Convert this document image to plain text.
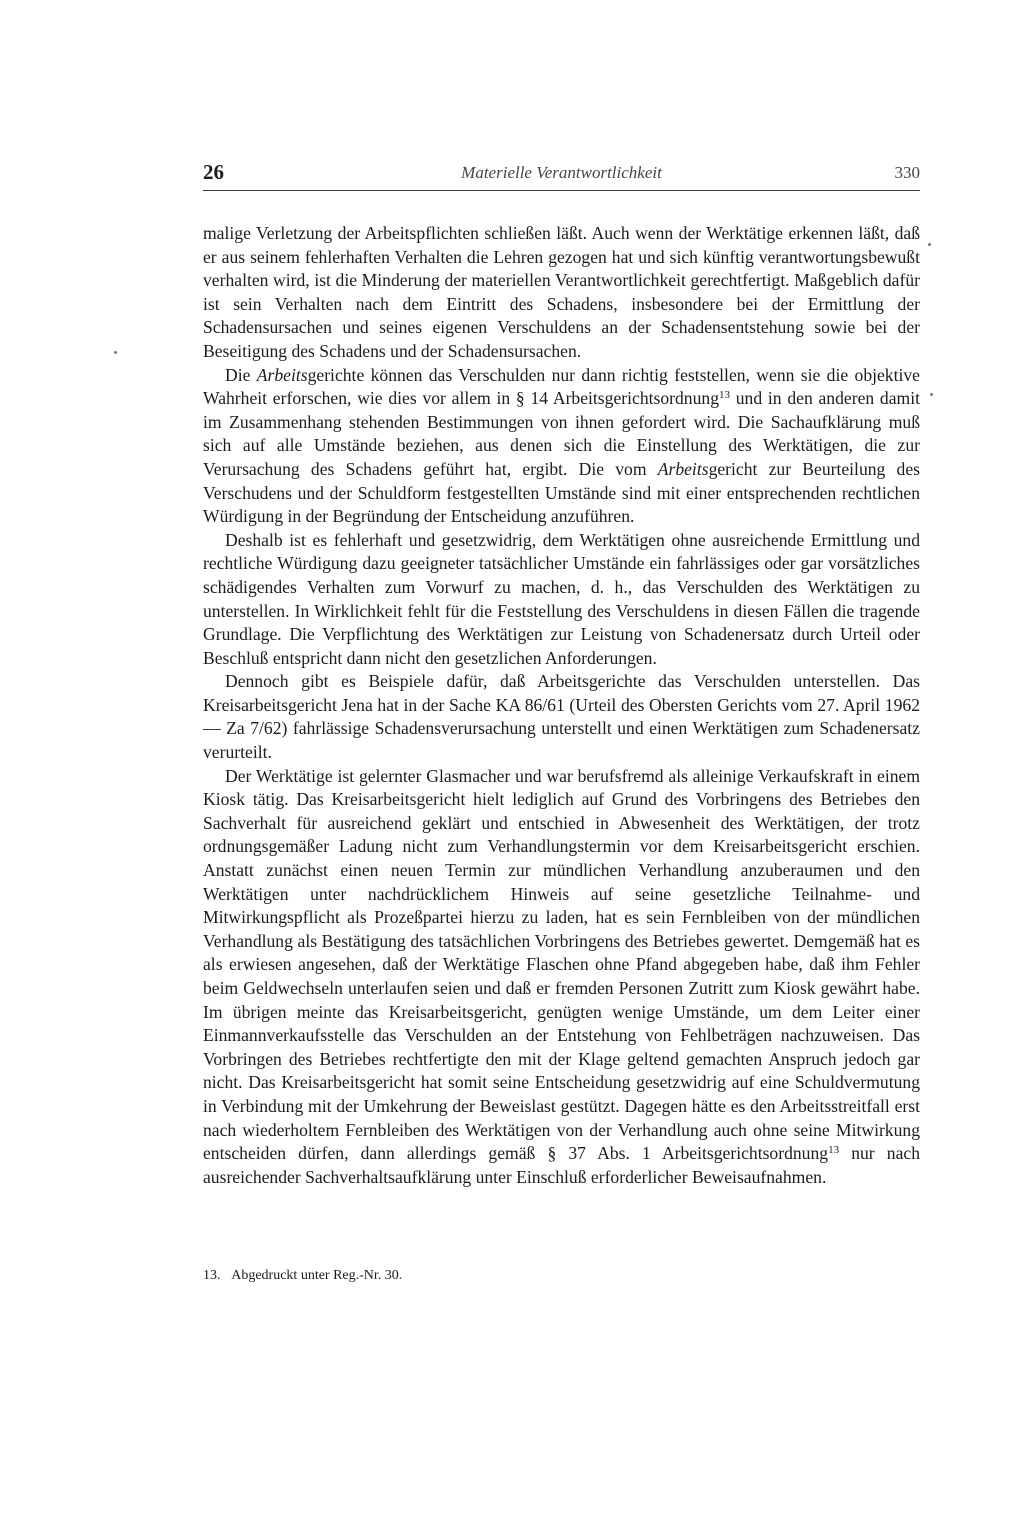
26	Materielle Verantwortlichkeit	330

malige Verletzung der Arbeitspflichten schließen läßt. Auch wenn der Werktätige erkennen läßt, daß er aus seinem fehlerhaften Verhalten die Lehren gezogen hat und sich künftig verantwortungsbewußt verhalten wird, ist die Minderung der materiellen Verantwortlichkeit gerechtfertigt. Maßgeblich dafür ist sein Verhalten nach dem Eintritt des Schadens, insbesondere bei der Ermittlung der Schadensursachen und seines eigenen Verschuldens an der Schadensentstehung sowie bei der Beseitigung des Schadens und der Schadensursachen.

Die Arbeitsgerichte können das Verschulden nur dann richtig feststellen, wenn sie die objektive Wahrheit erforschen, wie dies vor allem in § 14 Arbeitsgerichtsordnung$^{13}$ und in den anderen damit im Zusammenhang stehenden Bestimmungen von ihnen gefordert wird. Die Sachaufklärung muß sich auf alle Umstände beziehen, aus denen sich die Einstellung des Werktätigen, die zur Verursachung des Schadens geführt hat, ergibt. Die vom Arbeitsgericht zur Beurteilung des Verschudens und der Schuldform festgestellten Umstände sind mit einer entsprechenden rechtlichen Würdigung in der Begründung der Entscheidung anzuführen.

Deshalb ist es fehlerhaft und gesetzwidrig, dem Werktätigen ohne ausreichende Ermittlung und rechtliche Würdigung dazu geeigneter tatsächlicher Umstände ein fahrlässiges oder gar vorsätzliches schädigendes Verhalten zum Vorwurf zu machen, d. h., das Verschulden des Werktätigen zu unterstellen. In Wirklichkeit fehlt für die Feststellung des Verschuldens in diesen Fällen die tragende Grundlage. Die Verpflichtung des Werktätigen zur Leistung von Schadenersatz durch Urteil oder Beschluß entspricht dann nicht den gesetzlichen Anforderungen.

Dennoch gibt es Beispiele dafür, daß Arbeitsgerichte das Verschulden unterstellen. Das Kreisarbeitsgericht Jena hat in der Sache KA 86/61 (Urteil des Obersten Gerichts vom 27. April 1962 — Za 7/62) fahrlässige Schadensverursachung unterstellt und einen Werktätigen zum Schadenersatz verurteilt.

Der Werktätige ist gelernter Glasmacher und war berufsfremd als alleinige Verkaufskraft in einem Kiosk tätig. Das Kreisarbeitsgericht hielt lediglich auf Grund des Vorbringens des Betriebes den Sachverhalt für ausreichend geklärt und entschied in Abwesenheit des Werktätigen, der trotz ordnungsgemäßer Ladung nicht zum Verhandlungstermin vor dem Kreisarbeitsgericht erschien. Anstatt zunächst einen neuen Termin zur mündlichen Verhandlung anzuberaumen und den Werktätigen unter nachdrücklichem Hinweis auf seine gesetzliche Teilnahme- und Mitwirkungspflicht als Prozeßpartei hierzu zu laden, hat es sein Fernbleiben von der mündlichen Verhandlung als Bestätigung des tatsächlichen Vorbringens des Betriebes gewertet. Demgemäß hat es als erwiesen angesehen, daß der Werktätige Flaschen ohne Pfand abgegeben habe, daß ihm Fehler beim Geldwechseln unterlaufen seien und daß er fremden Personen Zutritt zum Kiosk gewährt habe. Im übrigen meinte das Kreisarbeitsgericht, genügten wenige Umstände, um dem Leiter einer Einmannverkaufsstelle das Verschulden an der Entstehung von Fehlbeträgen nachzuweisen. Das Vorbringen des Betriebes rechtfertigte den mit der Klage geltend gemachten Anspruch jedoch gar nicht. Das Kreisarbeitsgericht hat somit seine Entscheidung gesetzwidrig auf eine Schuldvermutung in Verbindung mit der Umkehrung der Beweislast gestützt. Dagegen hätte es den Arbeitsstreitfall erst nach wiederholtem Fernbleiben des Werktätigen von der Verhandlung auch ohne seine Mitwirkung entscheiden dürfen, dann allerdings gemäß § 37 Abs. 1 Arbeitsgerichtsordnung$^{13}$ nur nach ausreichender Sachverhaltsaufklärung unter Einschluß erforderlicher Beweisaufnahmen.

13. Abgedruckt unter Reg.-Nr. 30.
